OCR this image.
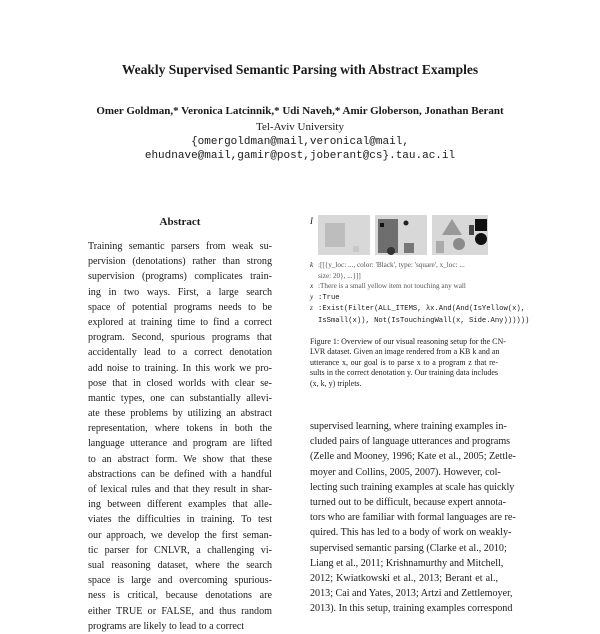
Weakly Supervised Semantic Parsing with Abstract Examples
Omer Goldman,* Veronica Latcinnik,* Udi Naveh,* Amir Globerson, Jonathan Berant
Tel-Aviv University
{omergoldman@mail,veronical@mail,
ehudnave@mail,gamir@post,joberant@cs}.tau.ac.il
Abstract
Training semantic parsers from weak su-
pervision (denotations) rather than strong
supervision (programs) complicates train-
ing in two ways. First, a large search
space of potential programs needs to be
explored at training time to find a correct
program. Second, spurious programs that
accidentally lead to a correct denotation
add noise to training. In this work we pro-
pose that in closed worlds with clear se-
mantic types, one can substantially allevi-
ate these problems by utilizing an abstract
representation, where tokens in both the
language utterance and program are lifted
to an abstract form. We show that these
abstractions can be defined with a handful
of lexical rules and that they result in shar-
ing between different examples that alle-
viates the difficulties in training. To test
our approach, we develop the first seman-
tic parser for CNLVR, a challenging vi-
sual reasoning dataset, where the search
space is large and overcoming spurious-
ness is critical, because denotations are
either TRUE or FALSE, and thus random
programs are likely to lead to a correct
I
k :[[{y_loc: ..., color: 'Black', type: 'square', x_loc: ...
size: 20}, ...}]]
x :There is a small yellow item not touching any wall
y :True
z :Exist(Filter(ALL_ITEMS, λx.And(And(IsYellow(x),
IsSmall(x)), Not(IsTouchingWall(x, Side.Any))))))
Figure 1: Overview of our visual reasoning setup for the CN-
LVR dataset. Given an image rendered from a KB k and an
utterance x, our goal is to parse x to a program z that re-
sults in the correct denotation y. Our training data includes
(x, k, y) triplets.
supervised learning, where training examples in-
cluded pairs of language utterances and programs
(Zelle and Mooney, 1996; Kate et al., 2005; Zettle-
moyer and Collins, 2005, 2007). However, col-
lecting such training examples at scale has quickly
turned out to be difficult, because expert annota-
tors who are familiar with formal languages are re-
quired. This has led to a body of work on weakly-
supervised semantic parsing (Clarke et al., 2010;
Liang et al., 2011; Krishnamurthy and Mitchell,
2012; Kwiatkowski et al., 2013; Berant et al.,
2013; Cai and Yates, 2013; Artzi and Zettlemoyer,
2013). In this setup, training examples correspond
